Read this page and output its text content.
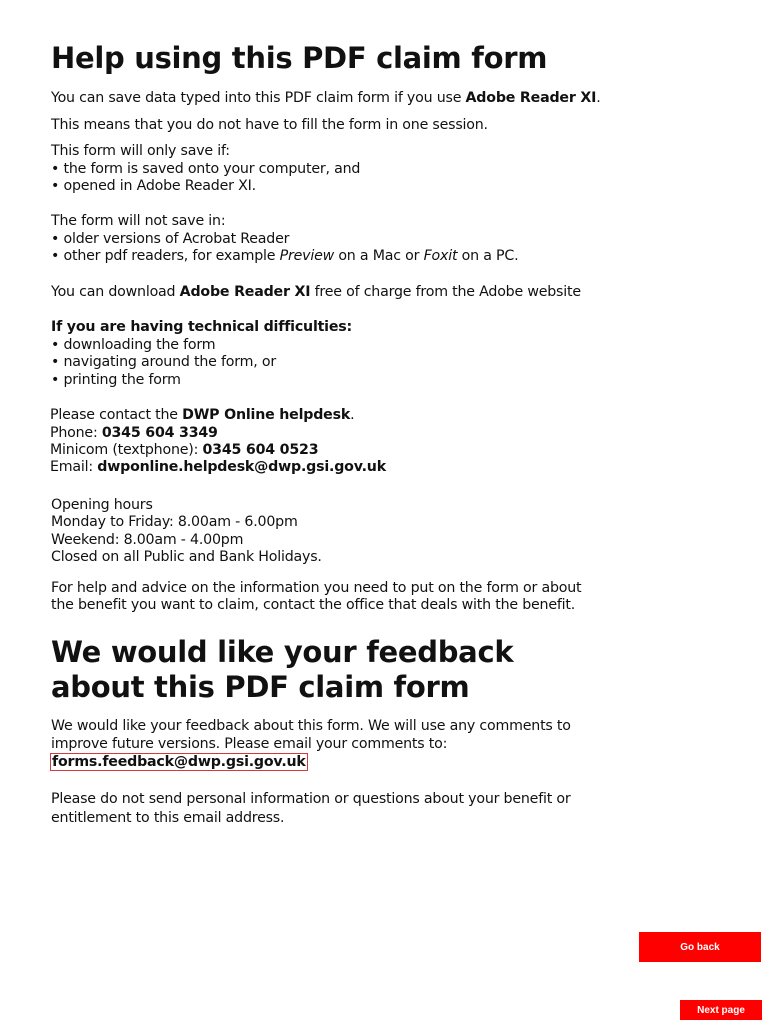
Help using this PDF claim form

You can save data typed into this PDF claim form if you use Adobe Reader XI.

This means that you do not have to fill the form in one session.

This form will only save if:

• the form is saved onto your computer, and

• opened in Adobe Reader XI.

The form will not save in:

• older versions of Acrobat Reader

• other pdf readers, for example Preview on a Mac or Foxit on a PC.

You can download Adobe Reader XI free of charge from the Adobe website

If you are having technical difficulties:

• downloading the form

• navigating around the form, or

• printing the form

Please contact the DWP Online helpdesk.

Phone: 0345 604 3349

Minicom (textphone): 0345 604 0523

Email: dwponline.helpdesk@dwp.gsi.gov.uk

Opening hours

Monday to Friday: 8.00am - 6.00pm

Weekend: 8.00am - 4.00pm

Closed on all Public and Bank Holidays.

For help and advice on the information you need to put on the form or about

the benefit you want to claim, contact the office that deals with the benefit.

We would like your feedback
about this PDF claim form

We would like your feedback about this form. We will use any comments to

improve future versions. Please email your comments to:

forms.feedback@dwp.gsi.gov.uk

Please do not send personal information or questions about your benefit or

entitlement to this email address.

Go back
Next page
